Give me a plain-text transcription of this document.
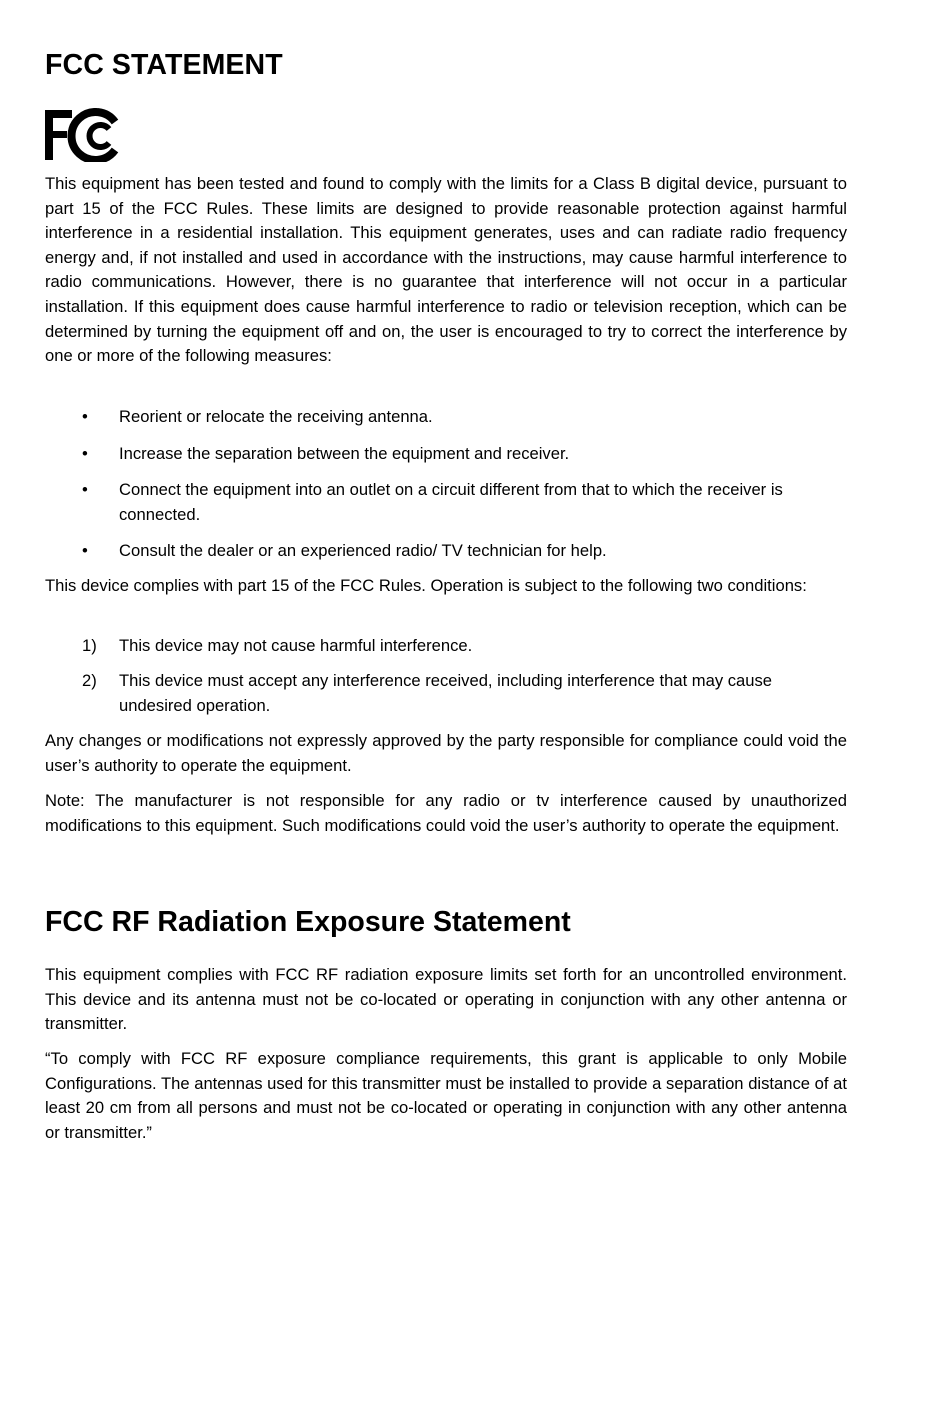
FCC STATEMENT

This equipment has been tested and found to comply with the limits for a Class B digital device, pursuant to part 15 of the FCC Rules. These limits are designed to provide reasonable protection against harmful interference in a residential installation. This equipment generates, uses and can radiate radio frequency energy and, if not installed and used in accordance with the instructions, may cause harmful interference to radio communications. However, there is no guarantee that interference will not occur in a particular installation. If this equipment does cause harmful interference to radio or television reception, which can be determined by turning the equipment off and on, the user is encouraged to try to correct the interference by one or more of the following measures:

• Reorient or relocate the receiving antenna.
• Increase the separation between the equipment and receiver.
• Connect the equipment into an outlet on a circuit different from that to which the receiver is connected.
• Consult the dealer or an experienced radio/ TV technician for help.

This device complies with part 15 of the FCC Rules. Operation is subject to the following two conditions:

1) This device may not cause harmful interference.
2) This device must accept any interference received, including interference that may cause undesired operation.

Any changes or modifications not expressly approved by the party responsible for compliance could void the user’s authority to operate the equipment.

Note: The manufacturer is not responsible for any radio or tv interference caused by unauthorized modifications to this equipment. Such modifications could void the user’s authority to operate the equipment.

FCC RF Radiation Exposure Statement

This equipment complies with FCC RF radiation exposure limits set forth for an uncontrolled environment. This device and its antenna must not be co-located or operating in conjunction with any other antenna or transmitter.

“To comply with FCC RF exposure compliance requirements, this grant is applicable to only Mobile Configurations. The antennas used for this transmitter must be installed to provide a separation distance of at least 20 cm from all persons and must not be co-located or operating in conjunction with any other antenna or transmitter.”
